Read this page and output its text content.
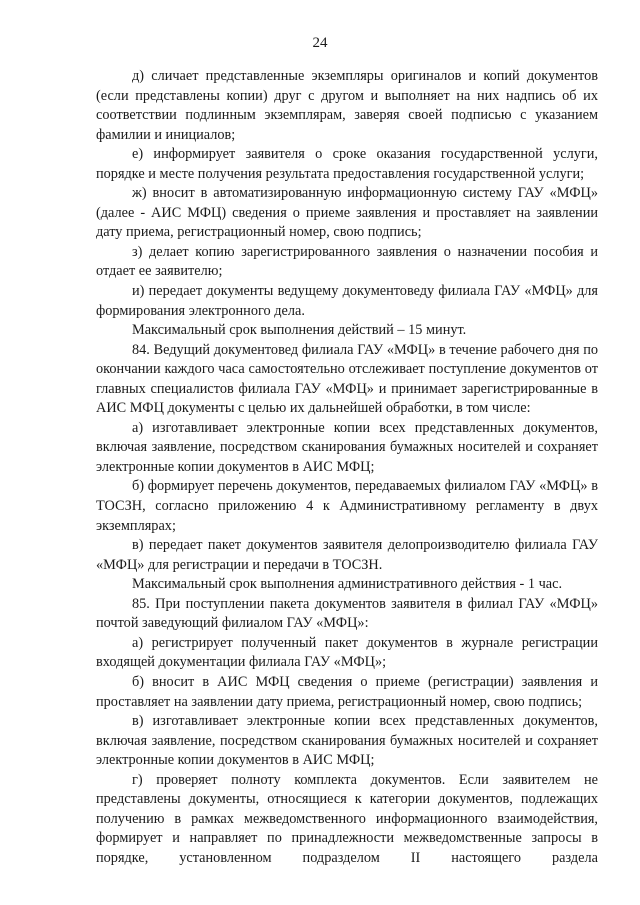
24

д) сличает представленные экземпляры оригиналов и копий документов (если представлены копии) друг с другом и выполняет на них надпись об их соответствии подлинным экземплярам, заверяя своей подписью с указанием фамилии и инициалов;

е) информирует заявителя о сроке оказания государственной услуги, порядке и месте получения результата предоставления государственной услуги;

ж) вносит в автоматизированную информационную систему ГАУ «МФЦ» (далее - АИС МФЦ) сведения о приеме заявления и проставляет на заявлении дату приема, регистрационный номер, свою подпись;

з) делает копию зарегистрированного заявления о назначении пособия и отдает ее заявителю;

и) передает документы ведущему документоведу филиала ГАУ «МФЦ» для формирования электронного дела.

Максимальный срок выполнения действий – 15 минут.

84. Ведущий документовед филиала ГАУ «МФЦ» в течение рабочего дня по окончании каждого часа самостоятельно отслеживает поступление документов от главных специалистов филиала ГАУ «МФЦ» и принимает зарегистрированные в АИС МФЦ документы с целью их дальнейшей обработки, в том числе:

а) изготавливает электронные копии всех представленных документов, включая заявление, посредством сканирования бумажных носителей и сохраняет электронные копии документов в АИС МФЦ;

б) формирует перечень документов, передаваемых филиалом ГАУ «МФЦ» в ТОСЗН, согласно приложению 4 к Административному регламенту в двух экземплярах;

в) передает пакет документов заявителя делопроизводителю филиала ГАУ «МФЦ» для регистрации и передачи в ТОСЗН.

Максимальный срок выполнения административного действия - 1 час.

85. При поступлении пакета документов заявителя в филиал ГАУ «МФЦ» почтой заведующий филиалом ГАУ «МФЦ»:

а) регистрирует полученный пакет документов в журнале регистрации входящей документации филиала ГАУ «МФЦ»;

б) вносит в АИС МФЦ сведения о приеме (регистрации) заявления и проставляет на заявлении дату приема, регистрационный номер, свою подпись;

в) изготавливает электронные копии всех представленных документов, включая заявление, посредством сканирования бумажных носителей и сохраняет электронные копии документов в АИС МФЦ;

г) проверяет полноту комплекта документов. Если заявителем не представлены документы, относящиеся к категории документов, подлежащих получению в рамках межведомственного информационного взаимодействия, формирует и направляет по принадлежности межведомственные запросы в порядке, установленном подразделом II настоящего раздела
